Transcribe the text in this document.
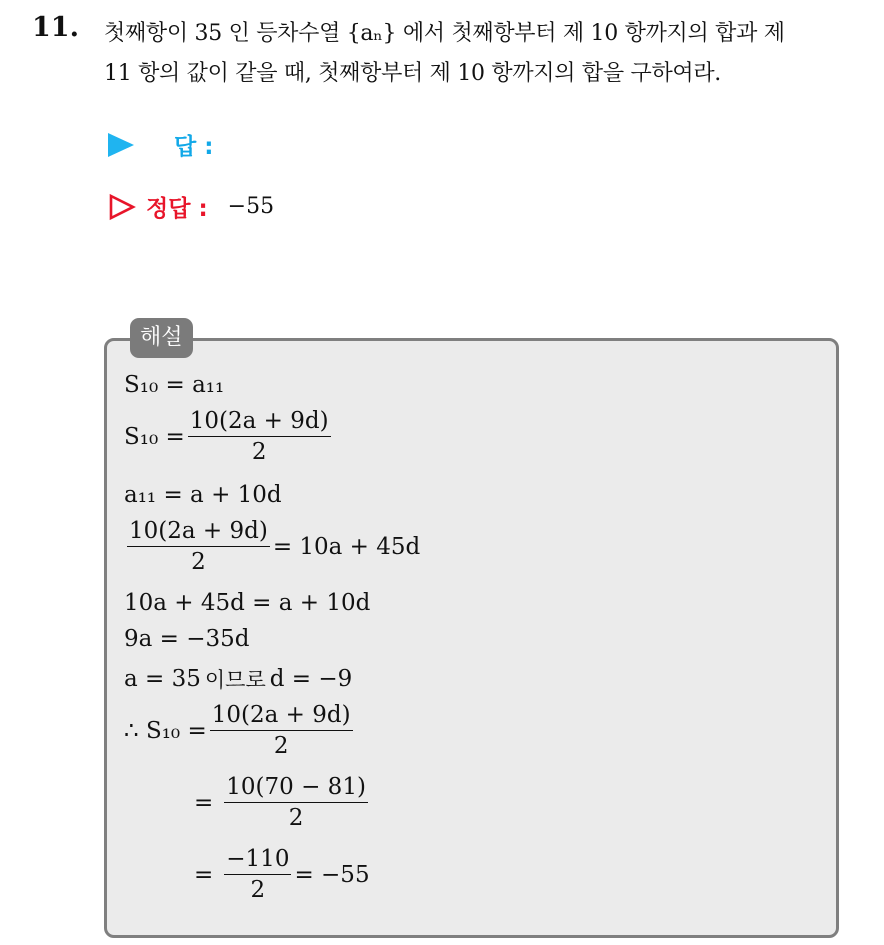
11. 첫째항이 35 인 등차수열 {aₙ} 에서 첫째항부터 제 10 항까지의 합과 제
11 항의 값이 같을 때, 첫째항부터 제 10 항까지의 합을 구하여라.
답 :
정답 : −55
해설
S₁₀ = a₁₁
$S_{10} = \frac{10(2a + 9d)}{2}$
a₁₁ = a + 10d
$\frac{10(2a + 9d)}{2} = 10a + 45d$
10a + 45d = a + 10d
9a = −35d
a = 35 이므로 d = −9
∴ $S_{10} = \frac{10(2a + 9d)}{2}$
= $\frac{10(70 - 81)}{2}$
= $\frac{-110}{2} = -55$
